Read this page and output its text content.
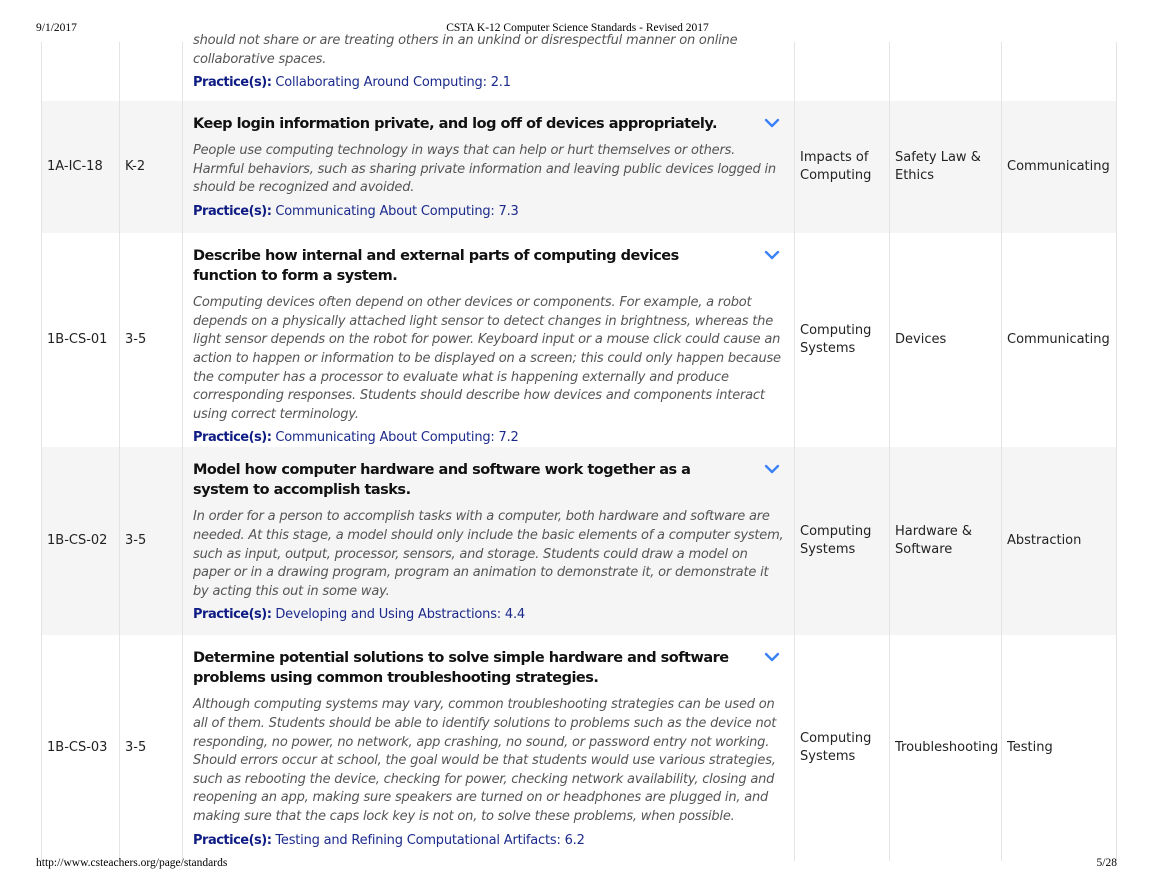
9/1/2017	CSTA K-12 Computer Science Standards - Revised 2017

		should not share or are treating others in an unkind or disrespectful manner on online collaborative spaces.
Practice(s): Collaborating Around Computing: 2.1			

1A-IC-18	K-2	Keep login information private, and log off of devices appropriately.
People use computing technology in ways that can help or hurt themselves or others. Harmful behaviors, such as sharing private information and leaving public devices logged in should be recognized and avoided.
Practice(s): Communicating About Computing: 7.3	Impacts of Computing	Safety Law & Ethics	Communicating
1B-CS-01	3-5	Describe how internal and external parts of computing devices function to form a system.
Computing devices often depend on other devices or components. For example, a robot depends on a physically attached light sensor to detect changes in brightness, whereas the light sensor depends on the robot for power. Keyboard input or a mouse click could cause an action to happen or information to be displayed on a screen; this could only happen because the computer has a processor to evaluate what is happening externally and produce corresponding responses. Students should describe how devices and components interact using correct terminology.
Practice(s): Communicating About Computing: 7.2	Computing Systems	Devices	Communicating
1B-CS-02	3-5	Model how computer hardware and software work together as a system to accomplish tasks.
In order for a person to accomplish tasks with a computer, both hardware and software are needed. At this stage, a model should only include the basic elements of a computer system, such as input, output, processor, sensors, and storage. Students could draw a model on paper or in a drawing program, program an animation to demonstrate it, or demonstrate it by acting this out in some way.
Practice(s): Developing and Using Abstractions: 4.4	Computing Systems	Hardware & Software	Abstraction
1B-CS-03	3-5	Determine potential solutions to solve simple hardware and software problems using common troubleshooting strategies.
Although computing systems may vary, common troubleshooting strategies can be used on all of them. Students should be able to identify solutions to problems such as the device not responding, no power, no network, app crashing, no sound, or password entry not working. Should errors occur at school, the goal would be that students would use various strategies, such as rebooting the device, checking for power, checking network availability, closing and reopening an app, making sure speakers are turned on or headphones are plugged in, and making sure that the caps lock key is not on, to solve these problems, when possible.
Practice(s): Testing and Refining Computational Artifacts: 6.2	Computing Systems	Troubleshooting	Testing
http://www.csteachers.org/page/standards	5/28
